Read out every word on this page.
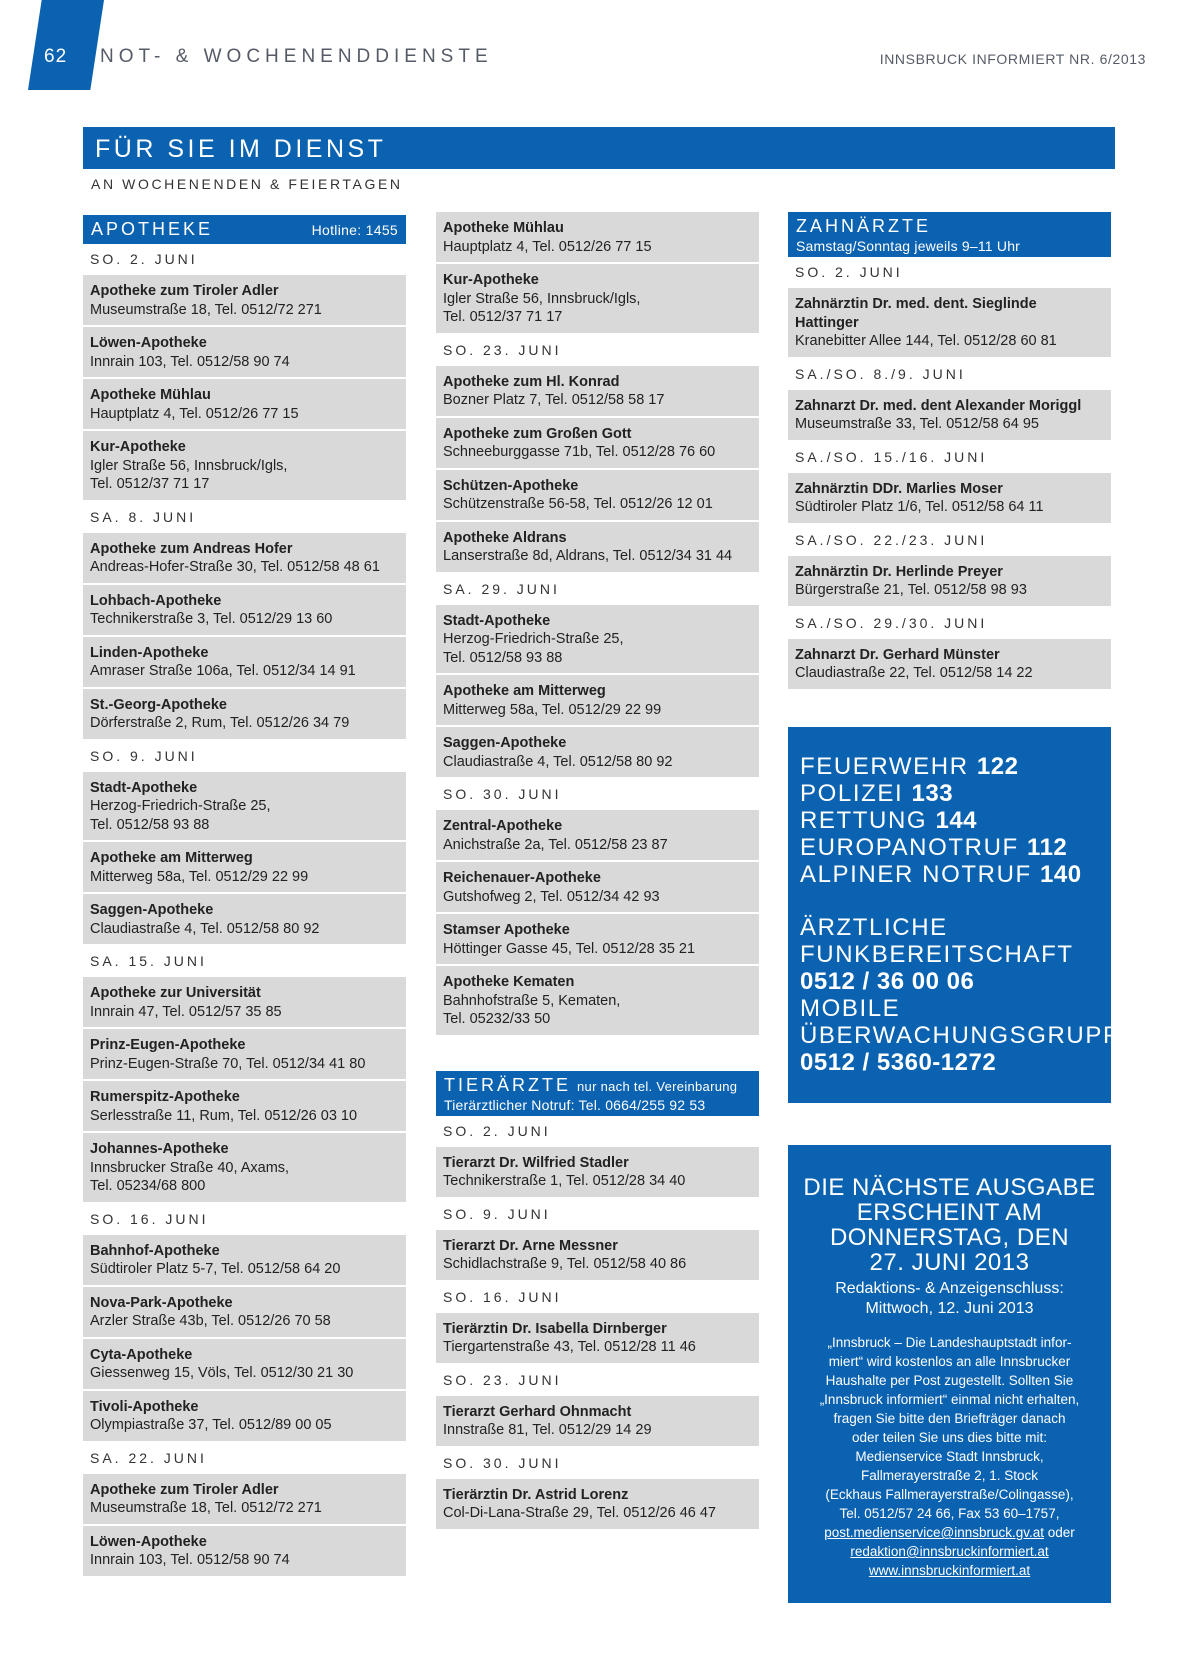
62 NOT- & WOCHENENDDIENSTE	INNSBRUCK INFORMIERT NR. 6/2013
FÜR SIE IM DIENST
AN WOCHENENDEN & FEIERTAGEN
APOTHEKE	Hotline: 1455
SO. 2. JUNI
Apotheke zum Tiroler Adler
Museumstraße 18, Tel. 0512/72 271
Löwen-Apotheke
Innrain 103, Tel. 0512/58 90 74
Apotheke Mühlau
Hauptplatz 4, Tel. 0512/26 77 15
Kur-Apotheke
Igler Straße 56, Innsbruck/Igls,
Tel. 0512/37 71 17
SA. 8. JUNI
Apotheke zum Andreas Hofer
Andreas-Hofer-Straße 30, Tel. 0512/58 48 61
Lohbach-Apotheke
Technikerstraße 3, Tel. 0512/29 13 60
Linden-Apotheke
Amraser Straße 106a, Tel. 0512/34 14 91
St.-Georg-Apotheke
Dörferstraße 2, Rum, Tel. 0512/26 34 79
SO. 9. JUNI
Stadt-Apotheke
Herzog-Friedrich-Straße 25,
Tel. 0512/58 93 88
Apotheke am Mitterweg
Mitterweg 58a, Tel. 0512/29 22 99
Saggen-Apotheke
Claudiastraße 4, Tel. 0512/58 80 92
SA. 15. JUNI
Apotheke zur Universität
Innrain 47, Tel. 0512/57 35 85
Prinz-Eugen-Apotheke
Prinz-Eugen-Straße 70, Tel. 0512/34 41 80
Rumerspitz-Apotheke
Serlesstraße 11, Rum, Tel. 0512/26 03 10
Johannes-Apotheke
Innsbrucker Straße 40, Axams,
Tel. 05234/68 800
SO. 16. JUNI
Bahnhof-Apotheke
Südtiroler Platz 5-7, Tel. 0512/58 64 20
Nova-Park-Apotheke
Arzler Straße 43b, Tel. 0512/26 70 58
Cyta-Apotheke
Giessenweg 15, Völs, Tel. 0512/30 21 30
Tivoli-Apotheke
Olympiastraße 37, Tel. 0512/89 00 05
SA. 22. JUNI
Apotheke zum Tiroler Adler
Museumstraße 18, Tel. 0512/72 271
Löwen-Apotheke
Innrain 103, Tel. 0512/58 90 74
Apotheke Mühlau
Hauptplatz 4, Tel. 0512/26 77 15
Kur-Apotheke
Igler Straße 56, Innsbruck/Igls,
Tel. 0512/37 71 17
SO. 23. JUNI
Apotheke zum Hl. Konrad
Bozner Platz 7, Tel. 0512/58 58 17
Apotheke zum Großen Gott
Schneeburggasse 71b, Tel. 0512/28 76 60
Schützen-Apotheke
Schützenstraße 56-58, Tel. 0512/26 12 01
Apotheke Aldrans
Lanserstraße 8d, Aldrans, Tel. 0512/34 31 44
SA. 29. JUNI
Stadt-Apotheke
Herzog-Friedrich-Straße 25,
Tel. 0512/58 93 88
Apotheke am Mitterweg
Mitterweg 58a, Tel. 0512/29 22 99
Saggen-Apotheke
Claudiastraße 4, Tel. 0512/58 80 92
SO. 30. JUNI
Zentral-Apotheke
Anichstraße 2a, Tel. 0512/58 23 87
Reichenauer-Apotheke
Gutshofweg 2, Tel. 0512/34 42 93
Stamser Apotheke
Höttinger Gasse 45, Tel. 0512/28 35 21
Apotheke Kematen
Bahnhofstraße 5, Kematen,
Tel. 05232/33 50
TIERÄRZTE nur nach tel. Vereinbarung
Tierärztlicher Notruf: Tel. 0664/255 92 53
SO. 2. JUNI
Tierarzt Dr. Wilfried Stadler
Technikerstraße 1, Tel. 0512/28 34 40
SO. 9. JUNI
Tierarzt Dr. Arne Messner
Schidlachstraße 9, Tel. 0512/58 40 86
SO. 16. JUNI
Tierärztin Dr. Isabella Dirnberger
Tiergartenstraße 43, Tel. 0512/28 11 46
SO. 23. JUNI
Tierarzt Gerhard Ohnmacht
Innstraße 81, Tel. 0512/29 14 29
SO. 30. JUNI
Tierärztin Dr. Astrid Lorenz
Col-Di-Lana-Straße 29, Tel. 0512/26 46 47
ZAHNÄRZTE
Samstag/Sonntag jeweils 9–11 Uhr
SO. 2. JUNI
Zahnärztin Dr. med. dent. Sieglinde Hattinger
Kranebitter Allee 144, Tel. 0512/28 60 81
SA./SO. 8./9. JUNI
Zahnarzt Dr. med. dent Alexander Moriggl
Museumstraße 33, Tel. 0512/58 64 95
SA./SO. 15./16. JUNI
Zahnärztin DDr. Marlies Moser
Südtiroler Platz 1/6, Tel. 0512/58 64 11
SA./SO. 22./23. JUNI
Zahnärztin Dr. Herlinde Preyer
Bürgerstraße 21, Tel. 0512/58 98 93
SA./SO. 29./30. JUNI
Zahnarzt Dr. Gerhard Münster
Claudiastraße 22, Tel. 0512/58 14 22
FEUERWEHR 122
POLIZEI 133
RETTUNG 144
EUROPANOTRUF 112
ALPINER NOTRUF 140
ÄRZTLICHE
FUNKBEREITSCHAFT
0512 / 36 00 06
MOBILE
ÜBERWACHUNGSGRUPPE
0512 / 5360-1272
DIE NÄCHSTE AUSGABE
ERSCHEINT AM
DONNERSTAG, DEN
27. JUNI 2013
Redaktions- & Anzeigenschluss:
Mittwoch, 12. Juni 2013
„Innsbruck – Die Landeshauptstadt infor-
miert“ wird kostenlos an alle Innsbrucker
Haushalte per Post zugestellt. Sollten Sie
„Innsbruck informiert“ einmal nicht erhalten,
fragen Sie bitte den Briefträger danach
oder teilen Sie uns dies bitte mit:
Medienservice Stadt Innsbruck,
Fallmerayerstraße 2, 1. Stock
(Eckhaus Fallmerayerstraße/Colingasse),
Tel. 0512/57 24 66, Fax 53 60–1757,
post.medienservice@innsbruck.gv.at oder
redaktion@innsbruckinformiert.at
www.innsbruckinformiert.at
